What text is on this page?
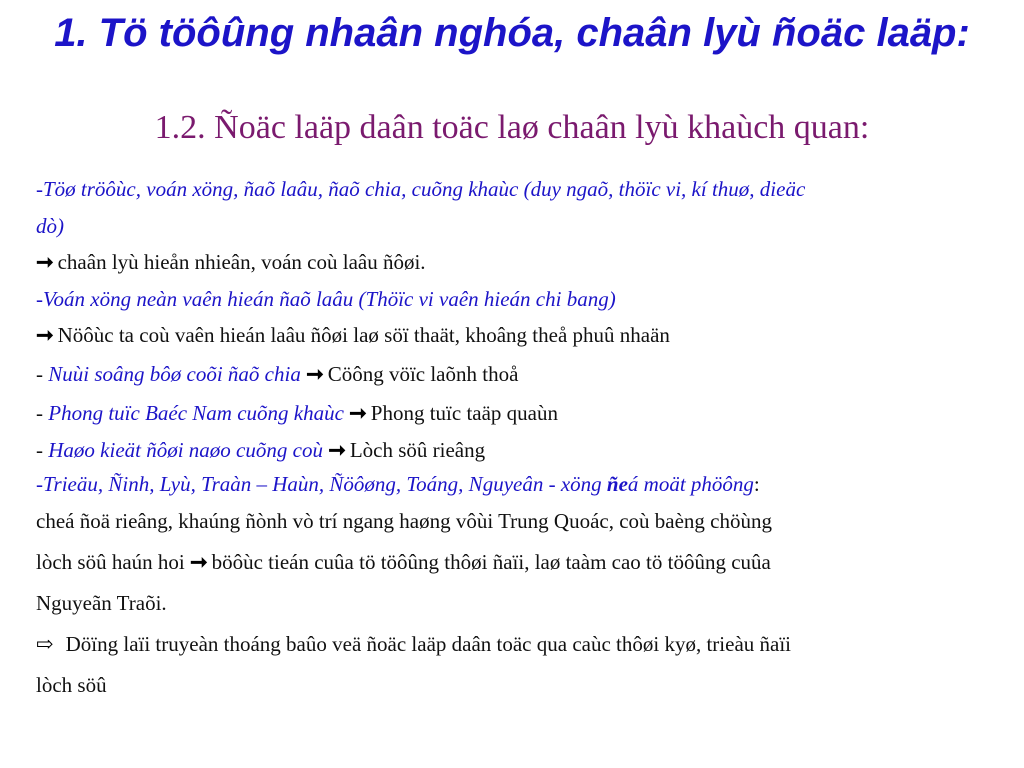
1. Tö töôûng nhaân nghóa, chaân lyù ñoäc laäp:
1.2. Ñoäc laäp daân toäc laø chaân lyù khaùch quan:
-Töø tröôùc, voán xöng, ñaõ laâu, ñaõ chia, cuõng khaùc (duy ngaõ, thöïc vi, kí thuø, dieäc
dò)
➞ chaân lyù hieån nhieân, voán coù laâu ñôøi.
-Voán xöng neàn vaên hieán ñaõ laâu (Thöïc vi vaên hieán chi bang)
➞ Nöôùc ta coù vaên hieán laâu ñôøi laø söï thaät, khoâng theå phuû nhaän
- Nuùi soâng bôø coõi ñaõ chia ➞ Cöông vöïc laõnh thoå
- Phong tuïc Baéc Nam cuõng khaùc ➞ Phong tuïc taäp quaùn
- Haøo kieät ñôøi naøo cuõng coù ➞ Lòch söû rieâng
-Trieäu, Ñinh, Lyù, Traàn – Haùn, Ñöôøng, Toáng, Nguyeân - xöng ñeá moät phöông:
cheá ñoä rieâng, khaúng ñònh vò trí ngang haøng vôùi Trung Quoác, coù baèng chöùng
lòch söû haún hoi ➞ böôùc tieán cuûa tö töôûng thôøi ñaïi, laø taàm cao tö töôûng cuûa
Nguyeãn Traõi.
⇨ Döïng laïi truyeàn thoáng baûo veä ñoäc laäp daân toäc qua caùc thôøi kyø, trieàu ñaïi
lòch söû
